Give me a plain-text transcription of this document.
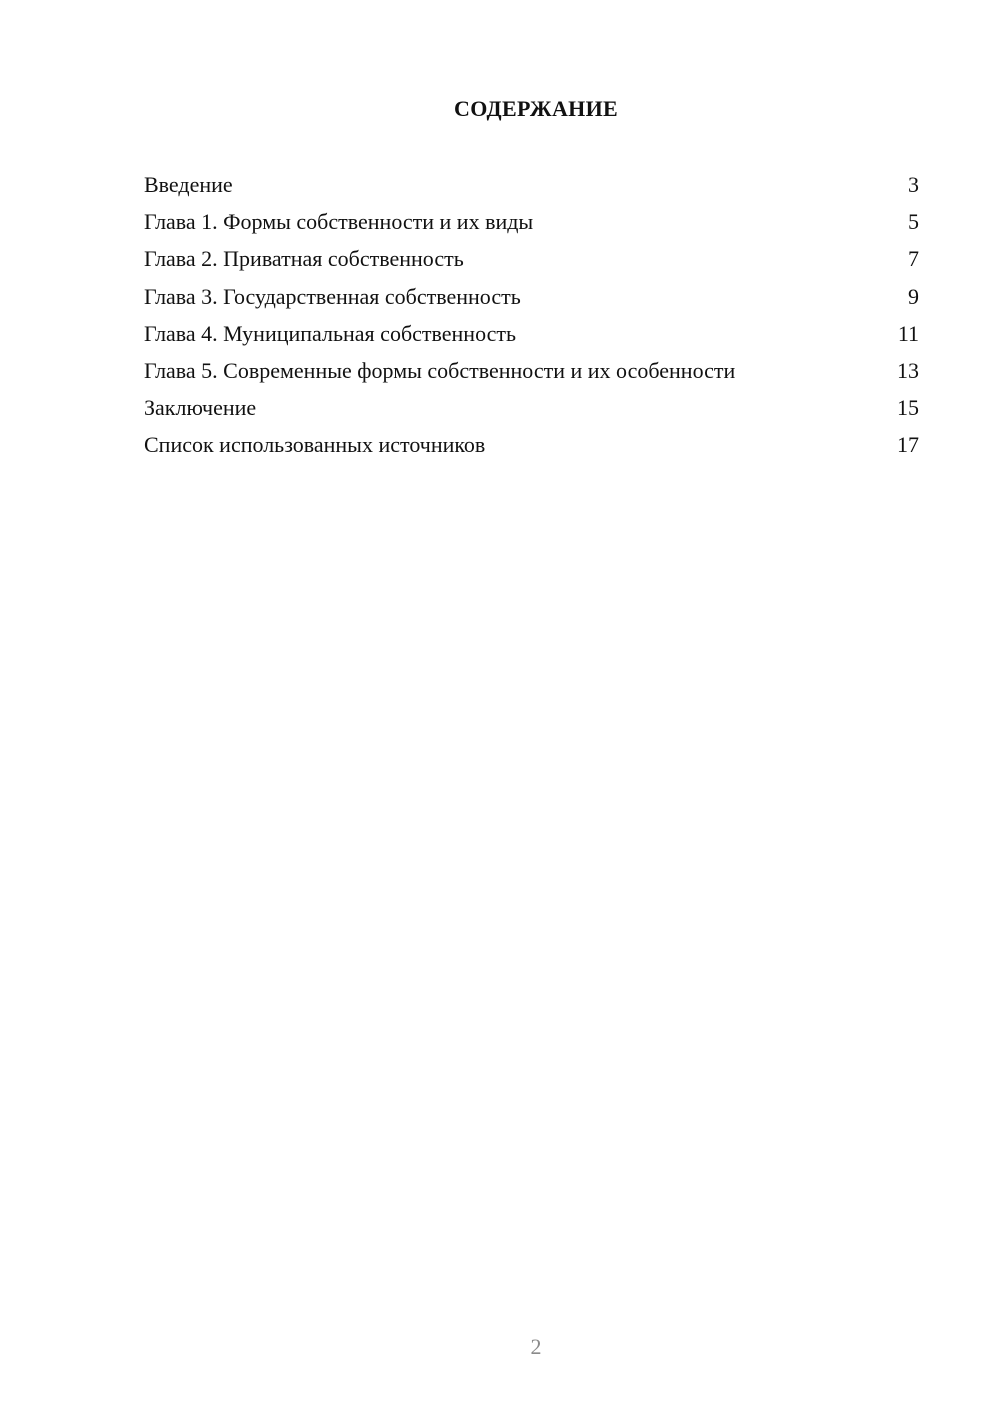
СОДЕРЖАНИЕ
Введение	3
Глава 1. Формы собственности и их виды	5
Глава 2. Приватная собственность	7
Глава 3. Государственная собственность	9
Глава 4. Муниципальная собственность	11
Глава 5. Современные формы собственности и их особенности	13
Заключение	15
Список использованных источников	17
2
